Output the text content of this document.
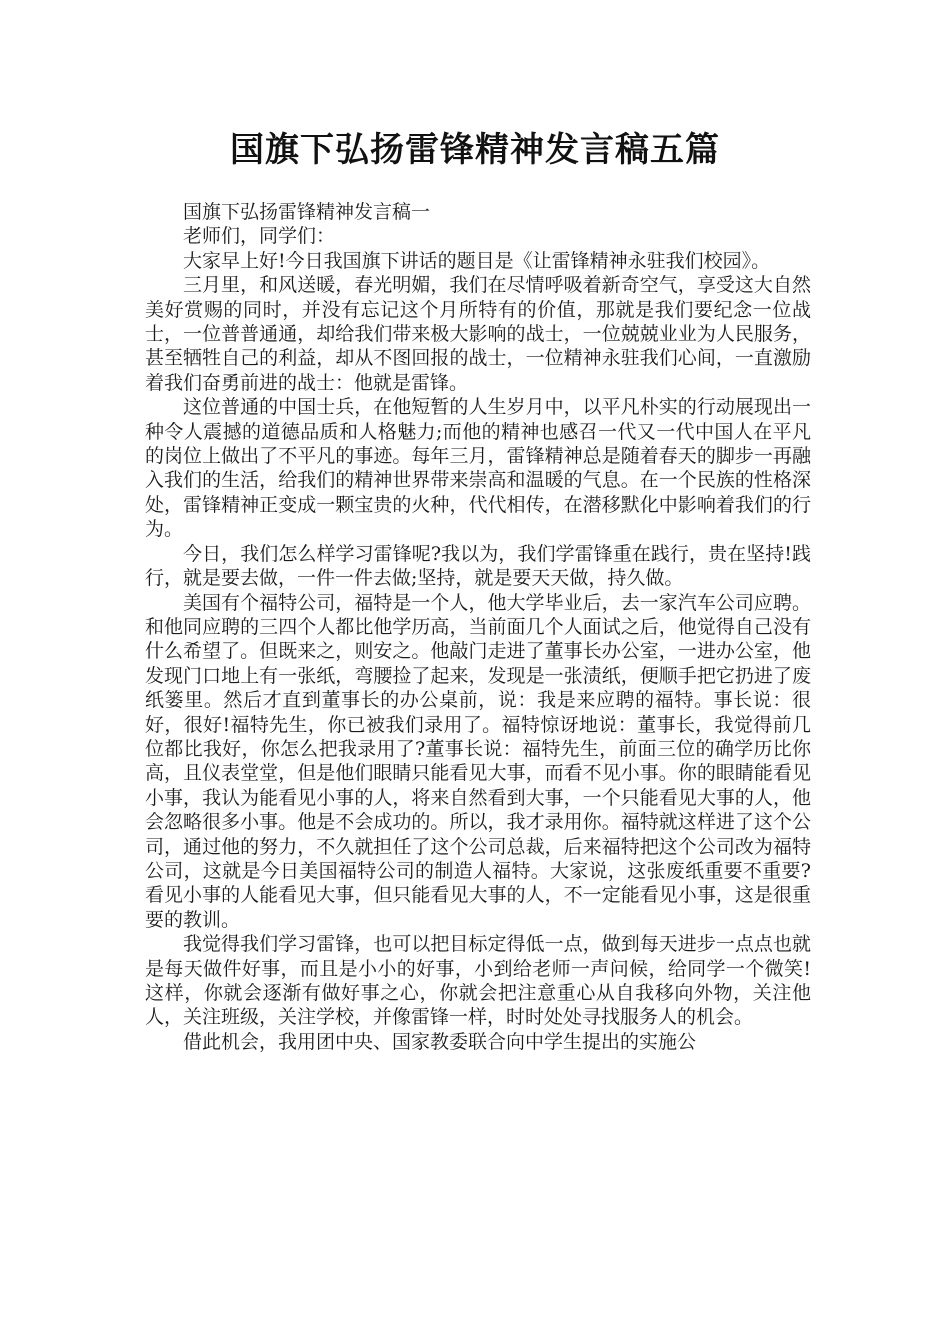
国旗下弘扬雷锋精神发言稿五篇

国旗下弘扬雷锋精神发言稿一

老师们，同学们：

大家早上好!今日我国旗下讲话的题目是《让雷锋精神永驻我们校园》。

三月里，和风送暖，春光明媚，我们在尽情呼吸着新奇空气，享受这大自然美好赏赐的同时，并没有忘记这个月所特有的价值，那就是我们要纪念一位战士，一位普普通通，却给我们带来极大影响的战士，一位兢兢业业为人民服务，甚至牺牲自己的利益，却从不图回报的战士，一位精神永驻我们心间，一直激励着我们奋勇前进的战士：他就是雷锋。

这位普通的中国士兵，在他短暂的人生岁月中，以平凡朴实的行动展现出一种令人震撼的道德品质和人格魅力;而他的精神也感召一代又一代中国人在平凡的岗位上做出了不平凡的事迹。每年三月，雷锋精神总是随着春天的脚步一再融入我们的生活，给我们的精神世界带来崇高和温暖的气息。在一个民族的性格深处，雷锋精神正变成一颗宝贵的火种，代代相传，在潜移默化中影响着我们的行为。

今日，我们怎么样学习雷锋呢?我以为，我们学雷锋重在践行，贵在坚持!践行，就是要去做，一件一件去做;坚持，就是要天天做，持久做。

美国有个福特公司，福特是一个人，他大学毕业后，去一家汽车公司应聘。和他同应聘的三四个人都比他学历高，当前面几个人面试之后，他觉得自己没有什么希望了。但既来之，则安之。他敲门走进了董事长办公室，一进办公室，他发现门口地上有一张纸，弯腰捡了起来，发现是一张渍纸，便顺手把它扔进了废纸篓里。然后才直到董事长的办公桌前，说：我是来应聘的福特。事长说：很好，很好!福特先生，你已被我们录用了。福特惊讶地说：董事长，我觉得前几位都比我好，你怎么把我录用了?董事长说：福特先生，前面三位的确学历比你高，且仪表堂堂，但是他们眼睛只能看见大事，而看不见小事。你的眼睛能看见小事，我认为能看见小事的人，将来自然看到大事，一个只能看见大事的人，他会忽略很多小事。他是不会成功的。所以，我才录用你。福特就这样进了这个公司，通过他的努力，不久就担任了这个公司总裁，后来福特把这个公司改为福特公司，这就是今日美国福特公司的制造人福特。大家说，这张废纸重要不重要?看见小事的人能看见大事，但只能看见大事的人，不一定能看见小事，这是很重要的教训。

我觉得我们学习雷锋，也可以把目标定得低一点，做到每天进步一点点也就是每天做件好事，而且是小小的好事，小到给老师一声问候，给同学一个微笑!这样，你就会逐渐有做好事之心，你就会把注意重心从自我移向外物，关注他人，关注班级，关注学校，并像雷锋一样，时时处处寻找服务人的机会。

借此机会，我用团中央、国家教委联合向中学生提出的实施公
